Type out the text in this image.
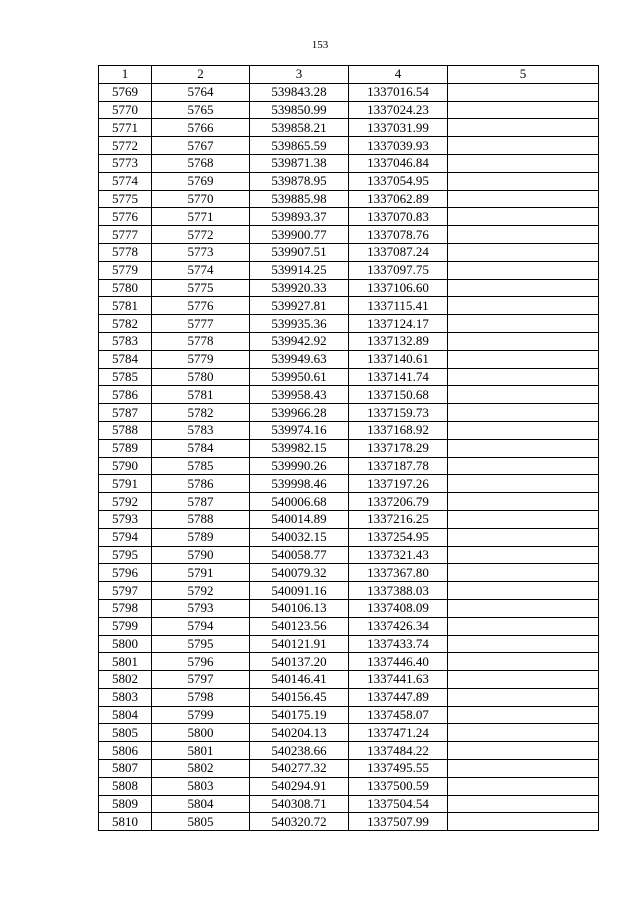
153
1	2	3	4	5
5769	5764	539843.28	1337016.54	
5770	5765	539850.99	1337024.23	
5771	5766	539858.21	1337031.99	
5772	5767	539865.59	1337039.93	
5773	5768	539871.38	1337046.84	
5774	5769	539878.95	1337054.95	
5775	5770	539885.98	1337062.89	
5776	5771	539893.37	1337070.83	
5777	5772	539900.77	1337078.76	
5778	5773	539907.51	1337087.24	
5779	5774	539914.25	1337097.75	
5780	5775	539920.33	1337106.60	
5781	5776	539927.81	1337115.41	
5782	5777	539935.36	1337124.17	
5783	5778	539942.92	1337132.89	
5784	5779	539949.63	1337140.61	
5785	5780	539950.61	1337141.74	
5786	5781	539958.43	1337150.68	
5787	5782	539966.28	1337159.73	
5788	5783	539974.16	1337168.92	
5789	5784	539982.15	1337178.29	
5790	5785	539990.26	1337187.78	
5791	5786	539998.46	1337197.26	
5792	5787	540006.68	1337206.79	
5793	5788	540014.89	1337216.25	
5794	5789	540032.15	1337254.95	
5795	5790	540058.77	1337321.43	
5796	5791	540079.32	1337367.80	
5797	5792	540091.16	1337388.03	
5798	5793	540106.13	1337408.09	
5799	5794	540123.56	1337426.34	
5800	5795	540121.91	1337433.74	
5801	5796	540137.20	1337446.40	
5802	5797	540146.41	1337441.63	
5803	5798	540156.45	1337447.89	
5804	5799	540175.19	1337458.07	
5805	5800	540204.13	1337471.24	
5806	5801	540238.66	1337484.22	
5807	5802	540277.32	1337495.55	
5808	5803	540294.91	1337500.59	
5809	5804	540308.71	1337504.54	
5810	5805	540320.72	1337507.99	
